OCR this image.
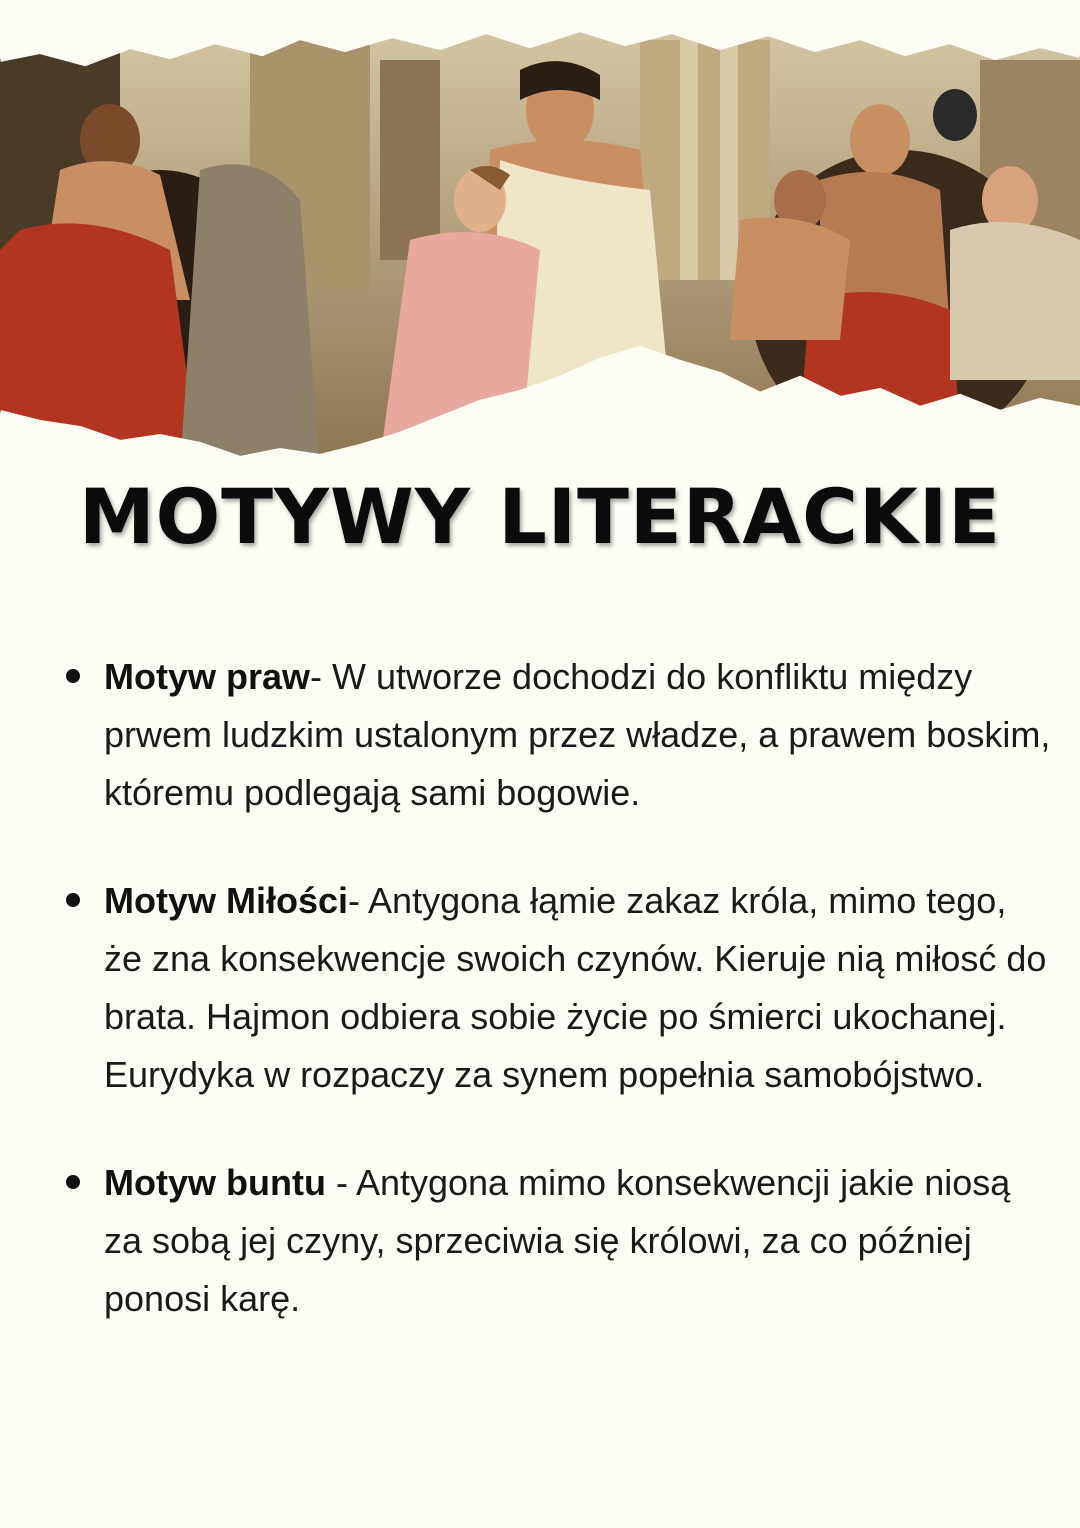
MOTYWY LITERACKIE
Motyw praw- W utworze dochodzi do konfliktu między prwem ludzkim ustalonym przez władze, a prawem boskim, któremu podlegają sami bogowie.
Motyw Miłości- Antygona łąmie zakaz króla, mimo tego, że zna konsekwencje swoich czynów. Kieruje nią miłosć do brata. Hajmon odbiera sobie życie po śmierci ukochanej. Eurydyka w rozpaczy za synem popełnia samobójstwo.
Motyw buntu - Antygona mimo konsekwencji jakie niosą za sobą jej czyny, sprzeciwia się królowi, za co później ponosi karę.
